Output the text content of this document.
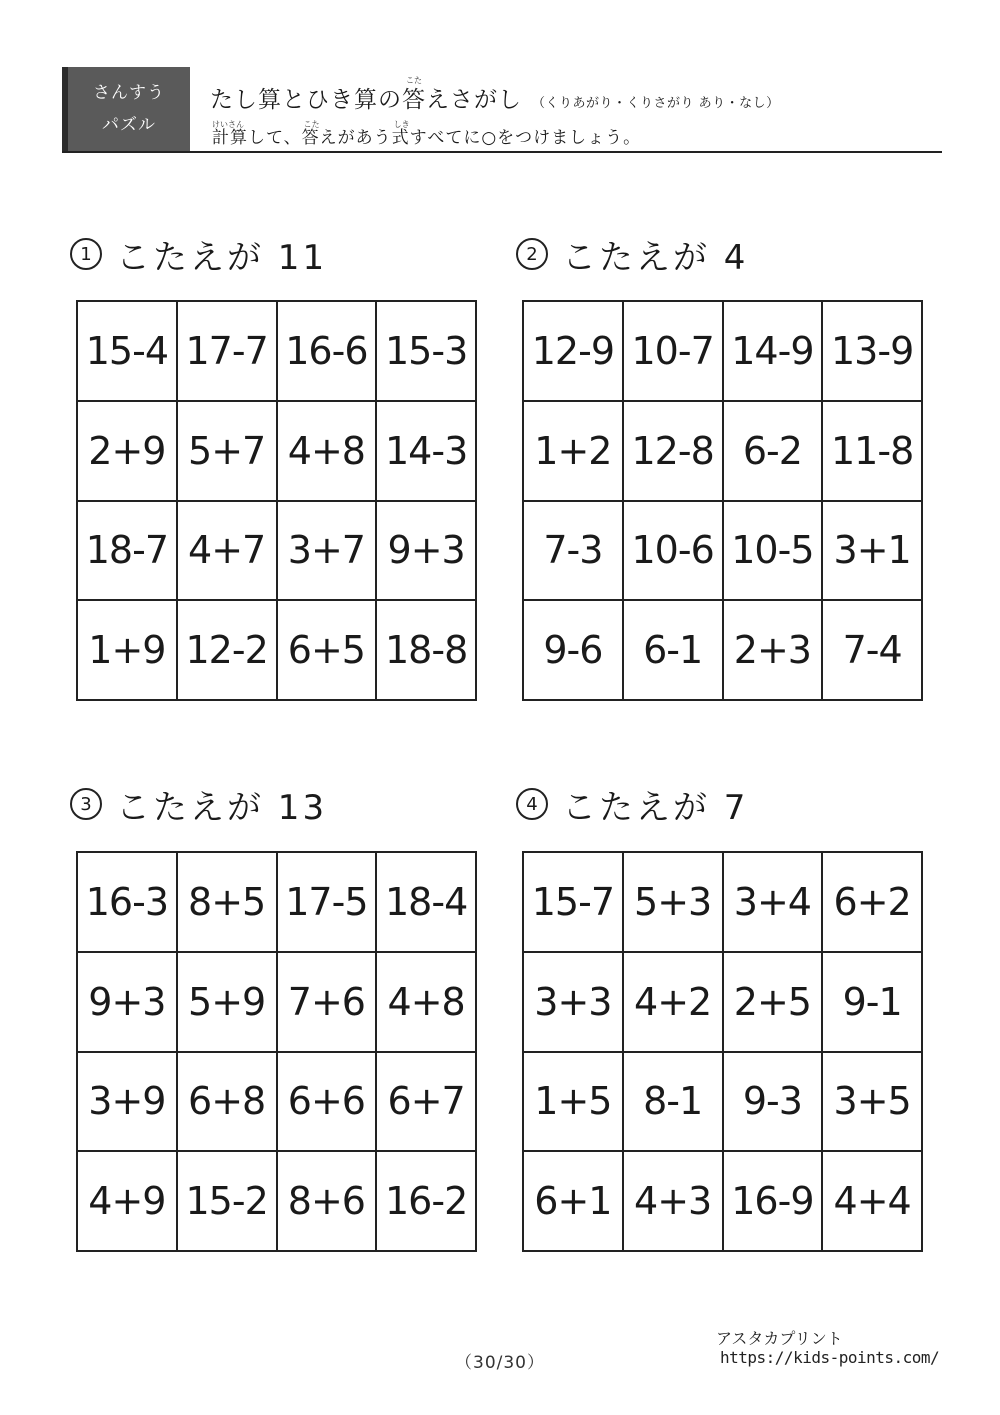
さんすう
パズル
たし算とひき算の
こた
答えさがし （くりあがり・くりさがり あり・なし）
けいさん
計算して、
こた
答えがあう
しき
式すべてに○をつけましょう。
1 こたえが 11
15-4 17-7 16-6 15-3
2+9 5+7 4+8 14-3
18-7 4+7 3+7 9+3
1+9 12-2 6+5 18-8
2 こたえが 4
12-9 10-7 14-9 13-9
1+2 12-8 6-2 11-8
7-3 10-6 10-5 3+1
9-6	6-1 2+3 7-4
3 こたえが 13
16-3 8+5 17-5 18-4
9+3 5+9 7+6 4+8
3+9 6+8 6+6 6+7
4+9 15-2 8+6 16-2
4 こたえが 7
15-7 5+3 3+4 6+2
3+3 4+2 2+5 9-1
1+5 8-1	9-3 3+5
6+1 4+3 16-9 4+4
アスタカプリント
https://kids-points.com/
（30/30）
